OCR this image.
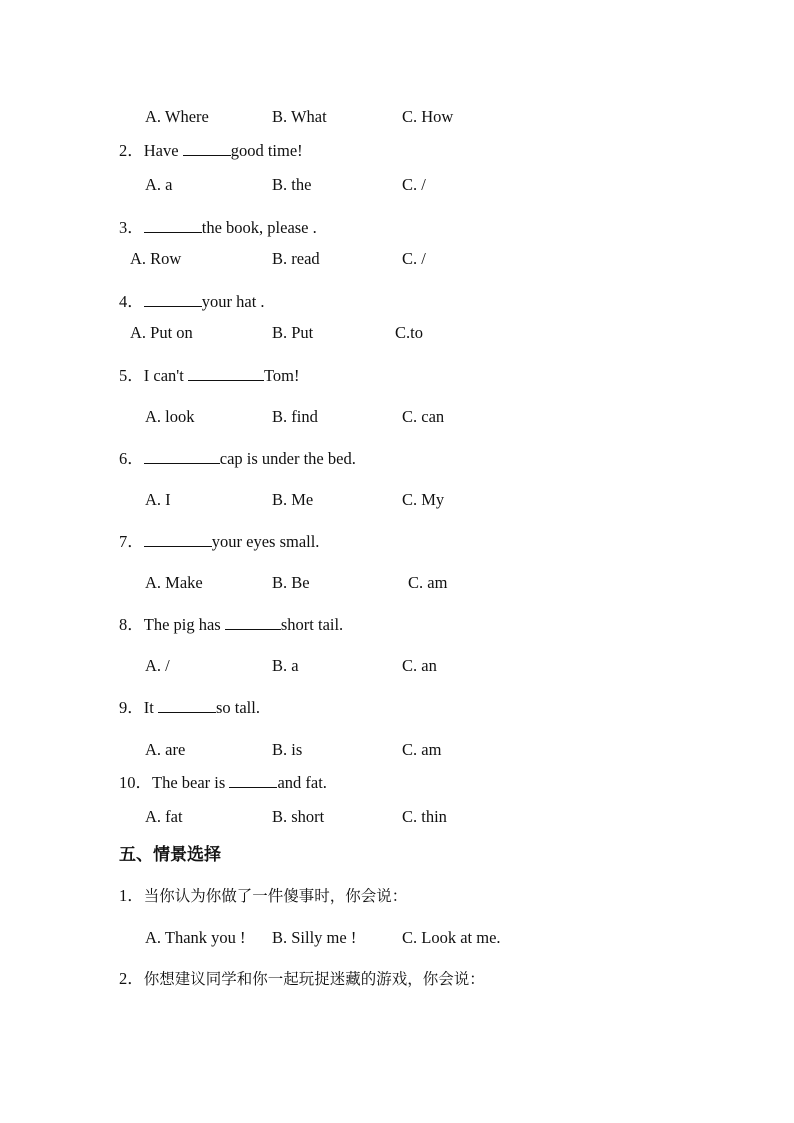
A. Where	B. What	C. How
2．Have	good time!
A. a	B. the	C. /
3．	the book, please .
A. Row	B. read	C. /
4．	your hat .
A. Put on	B. Put	C.to
5．I can't	Tom!
A. look	B. find	C. can
6．	cap is under the bed.
A. I	B. Me	C. My
7．	your eyes small.
A. Make	B. Be	C. am
8．The pig has	short tail.
A. /	B. a	C. an
9．It	so tall.
A. are	B. is	C. am
10．The bear is	and fat.
A. fat	B. short	C. thin
五、情景选择
1．当你认为你做了一件傻事时，你会说：
A. Thank you ! B. Silly me !	C. Look at me.
2．你想建议同学和你一起玩捉迷藏的游戏，你会说：
